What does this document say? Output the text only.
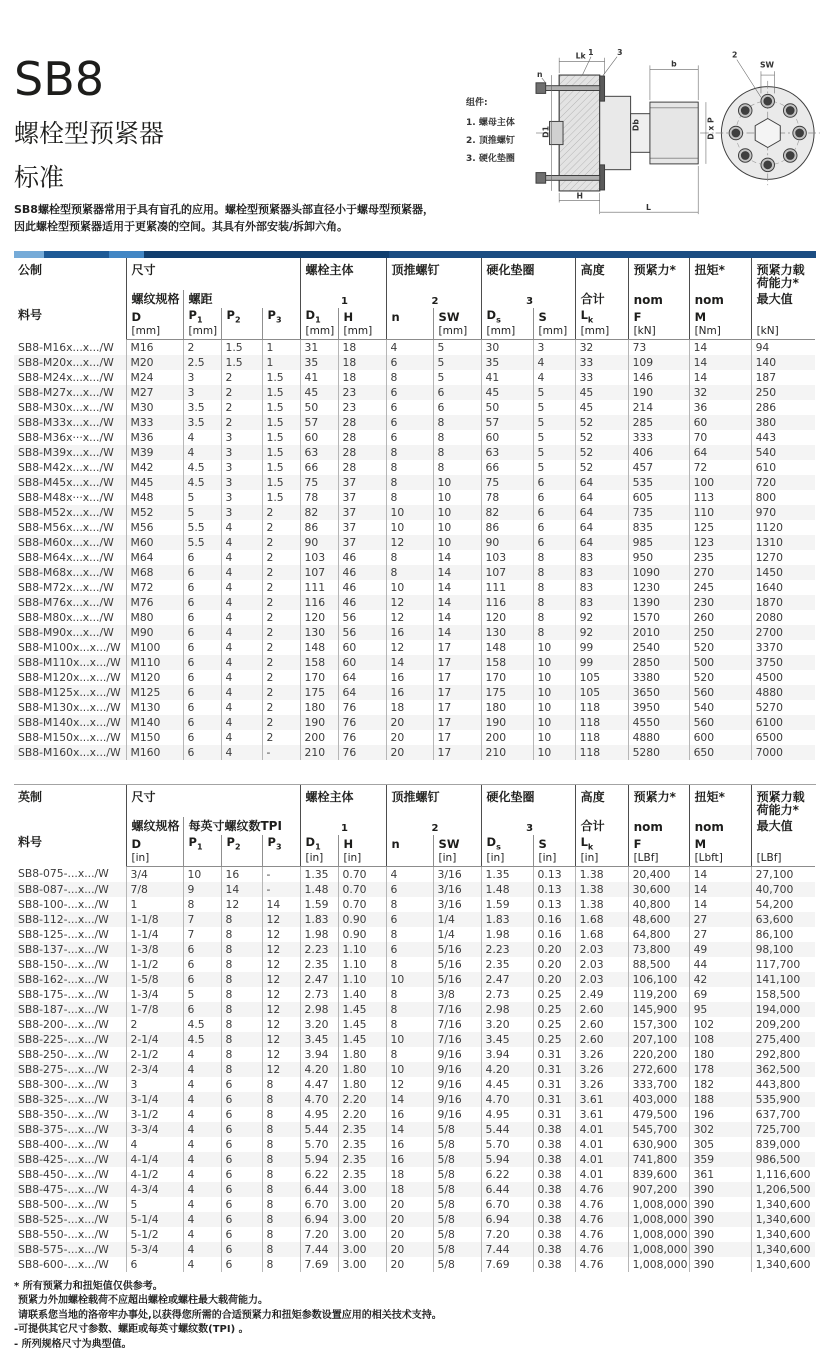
SB8
螺栓型预紧器
标准
SB8螺栓型预紧器常用于具有盲孔的应用。螺栓型预紧器头部直径小于螺母型预紧器，
因此螺栓型预紧器适用于更紧凑的空间。其具有外部安装/拆卸六角。
组件:
1. 螺母主体
2. 顶推螺钉
3. 硬化垫圈
Lk 1	3
n
b
D1
Db	D x P
H
L
2
SW
公制
料号	尺寸				螺栓主体		顶推螺钉		硬化垫圈		高度	预紧力*	扭矩*	预紧力载荷能力*
	螺纹规格	螺距			1		2		3		合计	nom	nom	最大值
	D	$P_1$	$P_2$	$P_3$	$D_1$	H	n	SW	$D_s$	S	$L_k$	F	M	
	[mm]	[mm]			[mm]	[mm]		[mm]	[mm]	[mm]	[mm]	[kN]	[Nm]	[kN]
SB8-M16x...x.../W	M16	2	1.5	1	31	18	4	5	30	3	32	73	14	94
SB8-M20x...x.../W	M20	2.5	1.5	1	35	18	6	5	35	4	33	109	14	140
SB8-M24x...x.../W	M24	3	2	1.5	41	18	8	5	41	4	33	146	14	187
SB8-M27x...x.../W	M27	3	2	1.5	45	23	6	6	45	5	45	190	32	250
SB8-M30x...x.../W	M30	3.5	2	1.5	50	23	6	6	50	5	45	214	36	286
SB8-M33x...x.../W	M33	3.5	2	1.5	57	28	6	8	57	5	52	285	60	380
SB8-M36x···x.../W	M36	4	3	1.5	60	28	6	8	60	5	52	333	70	443
SB8-M39x...x.../W	M39	4	3	1.5	63	28	8	8	63	5	52	406	64	540
SB8-M42x...x.../W	M42	4.5	3	1.5	66	28	8	8	66	5	52	457	72	610
SB8-M45x...x.../W	M45	4.5	3	1.5	75	37	8	10	75	6	64	535	100	720
SB8-M48x···x.../W	M48	5	3	1.5	78	37	8	10	78	6	64	605	113	800
SB8-M52x...x.../W	M52	5	3	2	82	37	10	10	82	6	64	735	110	970
SB8-M56x...x.../W	M56	5.5	4	2	86	37	10	10	86	6	64	835	125	1120
SB8-M60x...x.../W	M60	5.5	4	2	90	37	12	10	90	6	64	985	123	1310
SB8-M64x...x.../W	M64	6	4	2	103	46	8	14	103	8	83	950	235	1270
SB8-M68x...x.../W	M68	6	4	2	107	46	8	14	107	8	83	1090	270	1450
SB8-M72x...x.../W	M72	6	4	2	111	46	10	14	111	8	83	1230	245	1640
SB8-M76x...x.../W	M76	6	4	2	116	46	12	14	116	8	83	1390	230	1870
SB8-M80x...x.../W	M80	6	4	2	120	56	12	14	120	8	92	1570	260	2080
SB8-M90x...x.../W	M90	6	4	2	130	56	16	14	130	8	92	2010	250	2700
SB8-M100x...x.../W	M100	6	4	2	148	60	12	17	148	10	99	2540	520	3370
SB8-M110x...x.../W	M110	6	4	2	158	60	14	17	158	10	99	2850	500	3750
SB8-M120x...x.../W	M120	6	4	2	170	64	16	17	170	10	105	3380	520	4500
SB8-M125x...x.../W	M125	6	4	2	175	64	16	17	175	10	105	3650	560	4880
SB8-M130x...x.../W	M130	6	4	2	180	76	18	17	180	10	118	3950	540	5270
SB8-M140x...x.../W	M140	6	4	2	190	76	20	17	190	10	118	4550	560	6100
SB8-M150x...x.../W	M150	6	4	2	200	76	20	17	200	10	118	4880	600	6500
SB8-M160x...x.../W	M160	6	4	-	210	76	20	17	210	10	118	5280	650	7000
英制
料号	尺寸				螺栓主体		顶推螺钉		硬化垫圈		高度	预紧力*	扭矩*	预紧力载荷能力*
	螺纹规格	每英寸螺纹数TPI			1		2		3		合计	nom	nom	最大值
	D	$P_1$	$P_2$	$P_3$	$D_1$	H	n	SW	$D_s$	S	$L_k$	F	M	
	[in]				[in]	[in]		[in]	[in]	[in]	[in]	[LBf]	[Lbft]	[LBf]
SB8-075-...x.../W	3/4	10	16	-	1.35	0.70	4	3/16	1.35	0.13	1.38	20,400	14	27,100
SB8-087-...x.../W	7/8	9	14	-	1.48	0.70	6	3/16	1.48	0.13	1.38	30,600	14	40,700
SB8-100-...x.../W	1	8	12	14	1.59	0.70	8	3/16	1.59	0.13	1.38	40,800	14	54,200
SB8-112-...x.../W	1-1/8	7	8	12	1.83	0.90	6	1/4	1.83	0.16	1.68	48,600	27	63,600
SB8-125-...x.../W	1-1/4	7	8	12	1.98	0.90	8	1/4	1.98	0.16	1.68	64,800	27	86,100
SB8-137-...x.../W	1-3/8	6	8	12	2.23	1.10	6	5/16	2.23	0.20	2.03	73,800	49	98,100
SB8-150-...x.../W	1-1/2	6	8	12	2.35	1.10	8	5/16	2.35	0.20	2.03	88,500	44	117,700
SB8-162-...x.../W	1-5/8	6	8	12	2.47	1.10	10	5/16	2.47	0.20	2.03	106,100	42	141,100
SB8-175-...x.../W	1-3/4	5	8	12	2.73	1.40	8	3/8	2.73	0.25	2.49	119,200	69	158,500
SB8-187-...x.../W	1-7/8	6	8	12	2.98	1.45	8	7/16	2.98	0.25	2.60	145,900	95	194,000
SB8-200-...x.../W	2	4.5	8	12	3.20	1.45	8	7/16	3.20	0.25	2.60	157,300	102	209,200
SB8-225-...x.../W	2-1/4	4.5	8	12	3.45	1.45	10	7/16	3.45	0.25	2.60	207,100	108	275,400
SB8-250-...x.../W	2-1/2	4	8	12	3.94	1.80	8	9/16	3.94	0.31	3.26	220,200	180	292,800
SB8-275-...x.../W	2-3/4	4	8	12	4.20	1.80	10	9/16	4.20	0.31	3.26	272,600	178	362,500
SB8-300-...x.../W	3	4	6	8	4.47	1.80	12	9/16	4.45	0.31	3.26	333,700	182	443,800
SB8-325-...x.../W	3-1/4	4	6	8	4.70	2.20	14	9/16	4.70	0.31	3.61	403,000	188	535,900
SB8-350-...x.../W	3-1/2	4	6	8	4.95	2.20	16	9/16	4.95	0.31	3.61	479,500	196	637,700
SB8-375-...x.../W	3-3/4	4	6	8	5.44	2.35	14	5/8	5.44	0.38	4.01	545,700	302	725,700
SB8-400-...x.../W	4	4	6	8	5.70	2.35	16	5/8	5.70	0.38	4.01	630,900	305	839,000
SB8-425-...x.../W	4-1/4	4	6	8	5.94	2.35	16	5/8	5.94	0.38	4.01	741,800	359	986,500
SB8-450-...x.../W	4-1/2	4	6	8	6.22	2.35	18	5/8	6.22	0.38	4.01	839,600	361	1,116,600
SB8-475-...x.../W	4-3/4	4	6	8	6.44	3.00	18	5/8	6.44	0.38	4.76	907,200	390	1,206,500
SB8-500-...x.../W	5	4	6	8	6.70	3.00	20	5/8	6.70	0.38	4.76	1,008,000	390	1,340,600
SB8-525-...x.../W	5-1/4	4	6	8	6.94	3.00	20	5/8	6.94	0.38	4.76	1,008,000	390	1,340,600
SB8-550-...x.../W	5-1/2	4	6	8	7.20	3.00	20	5/8	7.20	0.38	4.76	1,008,000	390	1,340,600
SB8-575-...x.../W	5-3/4	4	6	8	7.44	3.00	20	5/8	7.44	0.38	4.76	1,008,000	390	1,340,600
SB8-600-...x.../W	6	4	6	8	7.69	3.00	20	5/8	7.69	0.38	4.76	1,008,000	390	1,340,600
* 所有预紧力和扭矩值仅供参考。
预紧力外加螺栓载荷不应超出螺栓或螺柱最大载荷能力。
请联系您当地的洛帝牢办事处,以获得您所需的合适预紧力和扭矩参数设置应用的相关技术支持。
-可提供其它尺寸参数、螺距或每英寸螺纹数(TPI) 。
- 所列规格尺寸为典型值。
